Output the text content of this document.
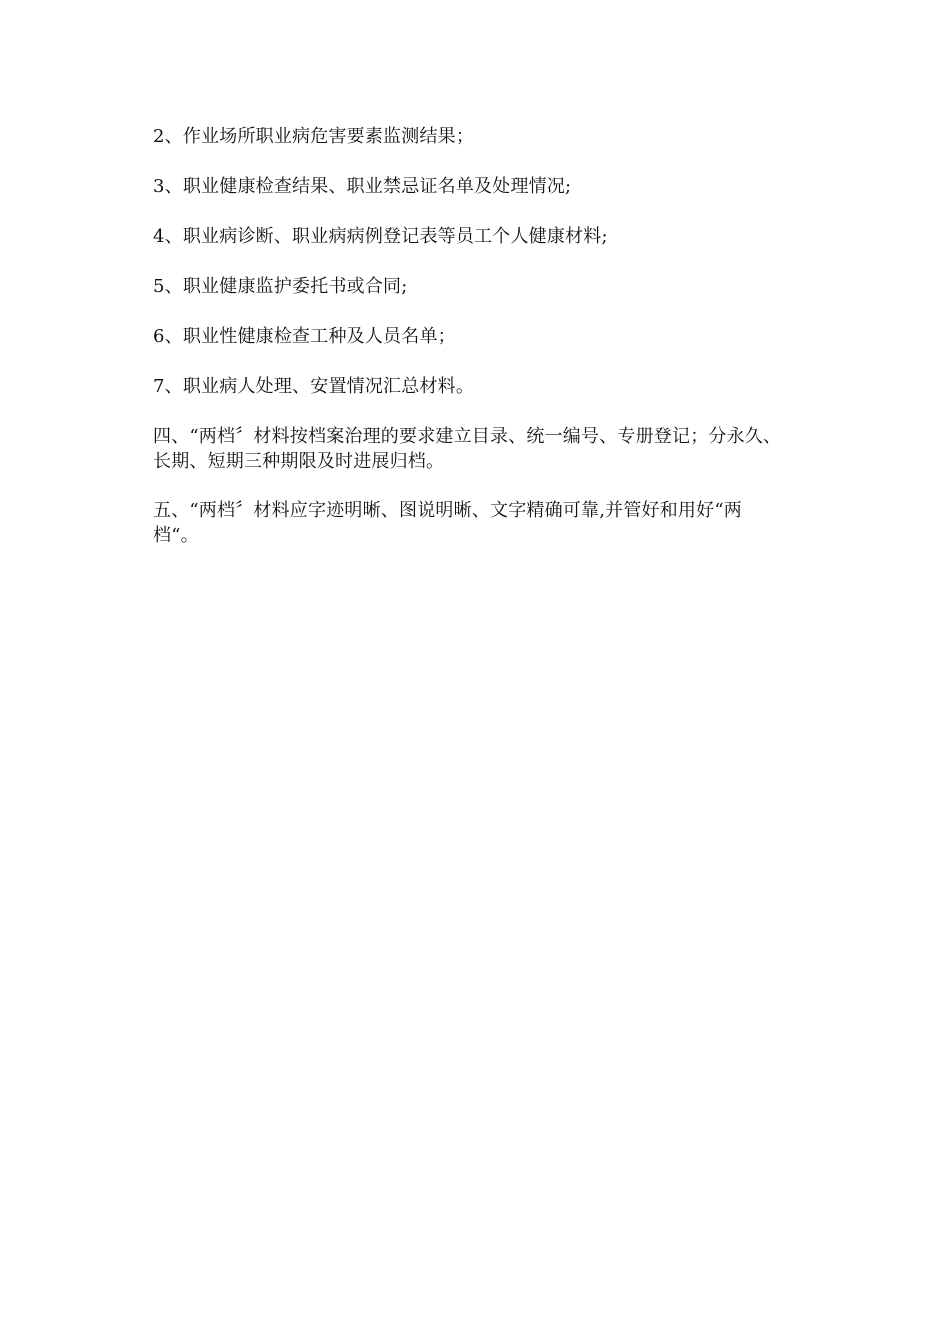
2、作业场所职业病危害要素监测结果；

3、职业健康检查结果、职业禁忌证名单及处理情况;

4、职业病诊断、职业病病例登记表等员工个人健康材料;

5、职业健康监护委托书或合同;

6、职业性健康检查工种及人员名单；

7、职业病人处理、安置情况汇总材料。

四、“两档〞材料按档案治理的要求建立目录、统一编号、专册登记；分永久、长期、短期三种期限及时进展归档。

五、“两档〞材料应字迹明晰、图说明晰、文字精确可靠,并管好和用好“两档“。
